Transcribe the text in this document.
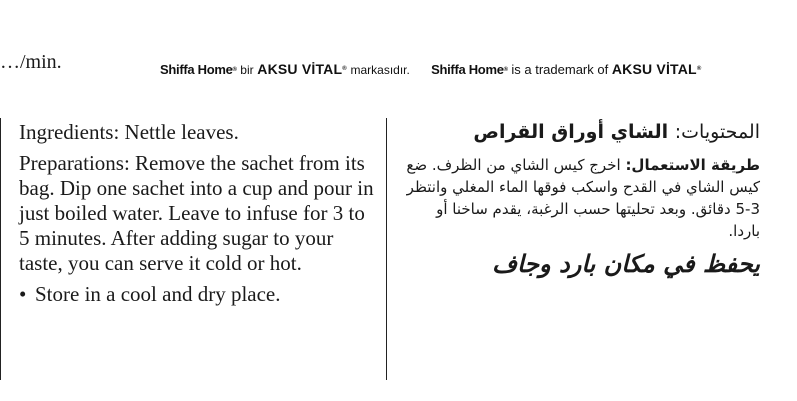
…/min.	Shiffa Home® bir AKSU VİTAL® markasıdır. Shiffa Home® is a trademark of AKSU VİTAL®

Ingredients: Nettle leaves.

Preparations: Remove the sachet from its bag. Dip one sachet into a cup and pour in just boiled water. Leave to infuse for 3 to 5 minutes. After adding sugar to your taste, you can serve it cold or hot.

• Store in a cool and dry place.

المحتويات: الشاي أوراق القراص

طريقة الاستعمال: اخرج كيس الشاي من الظرف. ضع كيس الشاي في القدح واسكب فوقها الماء المغلي وانتظر 3-5 دقائق. وبعد تحليتها حسب الرغبة، يقدم ساخنا أو باردا.

يحفظ في مكان بارد وجاف
